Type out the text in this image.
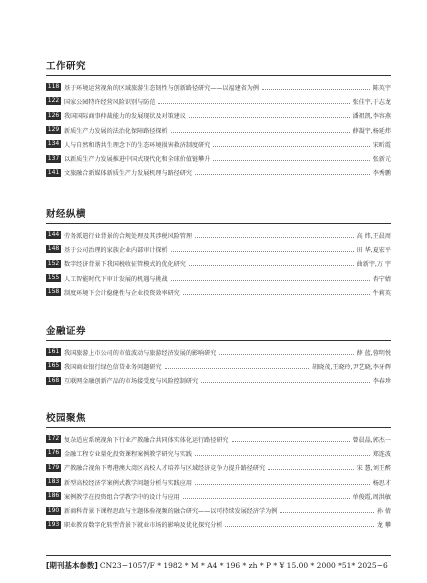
工作研究
118 基于环境运营视角的区域旅游生态韧性与创新路径研究——以福建省为例	陈英宇
122 国家公园特许经营风险识别与防范	张佳宇,于志龙
126 我国国际商事仲裁能力的发展现状及对策建议	潘祖凯,李容燕
129 新质生产力发展的法治化保障路径探析	薛凝宇,杨延炜
134 人与自然和谐共生理念下的生态环境损害救济制度研究	宋昕霞
137 以新质生产力发展推进中国式现代化和全球价值链攀升	张新元
141 文旅融合新媒体新质生产力发展机理与路径研究	李秀鹏
财经纵横
144 劳务派遣行业背景的合规处理及其涉税风险管理	高 炜,王晨周
148 基于公司治理的家族企业内部审计探析	田 华,夏宏平
152 数字经济背景下我国税收征管模式的优化研究	曲新宇,万 宇
155 人工智能时代下审计发展的机遇与挑战	杏宁婧
158 制度环境下会计稳健性与企业投资效率研究	牛莉英
金融证券
161 我国旅游上市公司的市值波动与旅游经济发展的影响研究	薛 蓝,蓉明悦
165 我国商业银行绿色信贷业务问题研究	胡晓茂,王晓玲,尹艺晓,李牙辉
168 互联网金融创新产品的市场接受度与风险控制研究	李春珍
校园聚焦
172 复杂适应系统视角下行业产教融合共同体实体化运行路径研究	曾晨晶,郭杰一
176 金融工程专业量化投资课程案例教学研究与实践	郑连波
179 产教融合视角下粤港澳大湾区高校人才培养与区域经济竞争力提升路径研究	宋 慧,刘王醉
183 新型高校经济学案例式教学问题分析与实践应用	杨思才
186 案例教学在投资组合学教学中的设计与应用	单俊霞,周洪敏
190 新商科背景下课程思政与主题体验视频的融合研究——以可持续发展经济学为例	孙 倩
193 职业教育数字化转型背景下就业市场的影响及优化探究分析	龙 攀
[期刊基本参数] CN23−1057/F * 1982 * M * A4 * 196 * zh * P * ¥ 15.00 * 2000 *51* 2025−6
